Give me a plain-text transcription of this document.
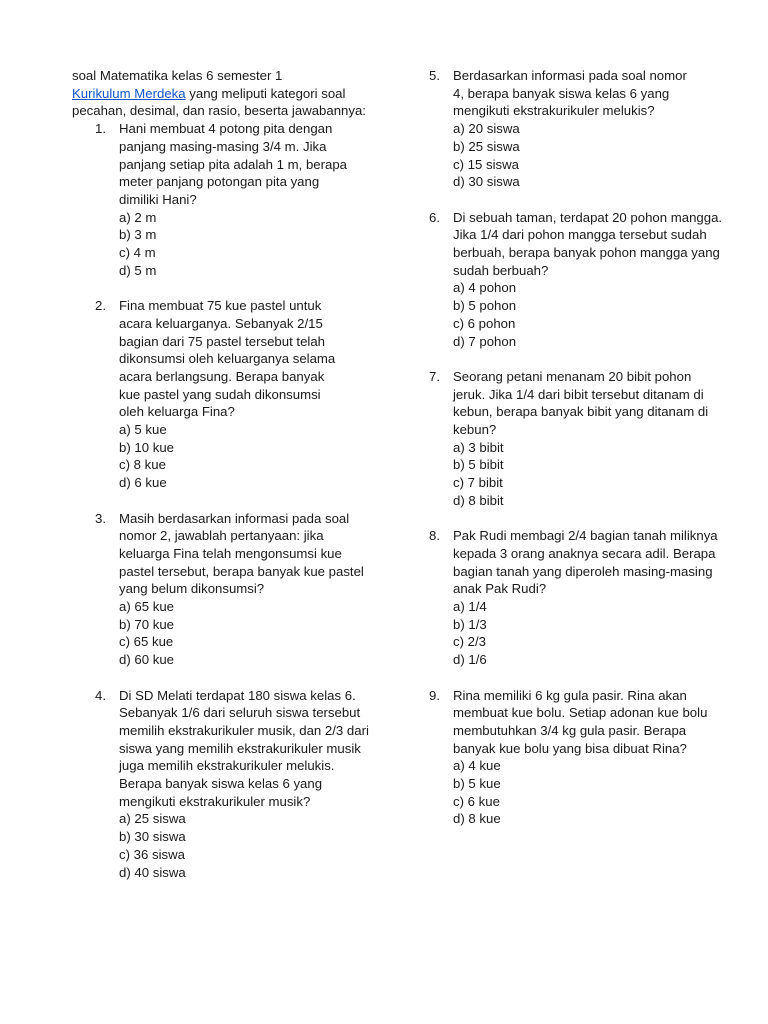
soal Matematika kelas 6 semester 1
Kurikulum Merdeka yang meliputi kategori soal pecahan, desimal, dan rasio, beserta jawabannya:

1. Hani membuat 4 potong pita dengan panjang masing-masing 3/4 m. Jika panjang setiap pita adalah 1 m, berapa meter panjang potongan pita yang dimiliki Hani?

a) 2 m
b) 3 m
c) 4 m
d) 5 m
2. Fina membuat 75 kue pastel untuk acara keluarganya. Sebanyak 2/15 bagian dari 75 pastel tersebut telah dikonsumsi oleh keluarganya selama acara berlangsung. Berapa banyak kue pastel yang sudah dikonsumsi oleh keluarga Fina?

a) 5 kue
b) 10 kue
c) 8 kue
d) 6 kue
3. Masih berdasarkan informasi pada soal nomor 2, jawablah pertanyaan: jika keluarga Fina telah mengonsumsi kue pastel tersebut, berapa banyak kue pastel yang belum dikonsumsi?

a) 65 kue
b) 70 kue
c) 65 kue
d) 60 kue
4. Di SD Melati terdapat 180 siswa kelas 6. Sebanyak 1/6 dari seluruh siswa tersebut memilih ekstrakurikuler musik, dan 2/3 dari siswa yang memilih ekstrakurikuler musik juga memilih ekstrakurikuler melukis. Berapa banyak siswa kelas 6 yang mengikuti ekstrakurikuler musik?

a) 25 siswa
b) 30 siswa
c) 36 siswa
d) 40 siswa
5. Berdasarkan informasi pada soal nomor 4, berapa banyak siswa kelas 6 yang mengikuti ekstrakurikuler melukis?

a) 20 siswa
b) 25 siswa
c) 15 siswa
d) 30 siswa
6. Di sebuah taman, terdapat 20 pohon mangga. Jika 1/4 dari pohon mangga tersebut sudah berbuah, berapa banyak pohon mangga yang sudah berbuah?

a) 4 pohon
b) 5 pohon
c) 6 pohon
d) 7 pohon
7. Seorang petani menanam 20 bibit pohon jeruk. Jika 1/4 dari bibit tersebut ditanam di kebun, berapa banyak bibit yang ditanam di kebun?

a) 3 bibit
b) 5 bibit
c) 7 bibit
d) 8 bibit
8. Pak Rudi membagi 2/4 bagian tanah miliknya kepada 3 orang anaknya secara adil. Berapa bagian tanah yang diperoleh masing-masing anak Pak Rudi?

a) 1/4
b) 1/3
c) 2/3
d) 1/6
9. Rina memiliki 6 kg gula pasir. Rina akan membuat kue bolu. Setiap adonan kue bolu membutuhkan 3/4 kg gula pasir. Berapa banyak kue bolu yang bisa dibuat Rina?

a) 4 kue
b) 5 kue
c) 6 kue
d) 8 kue
